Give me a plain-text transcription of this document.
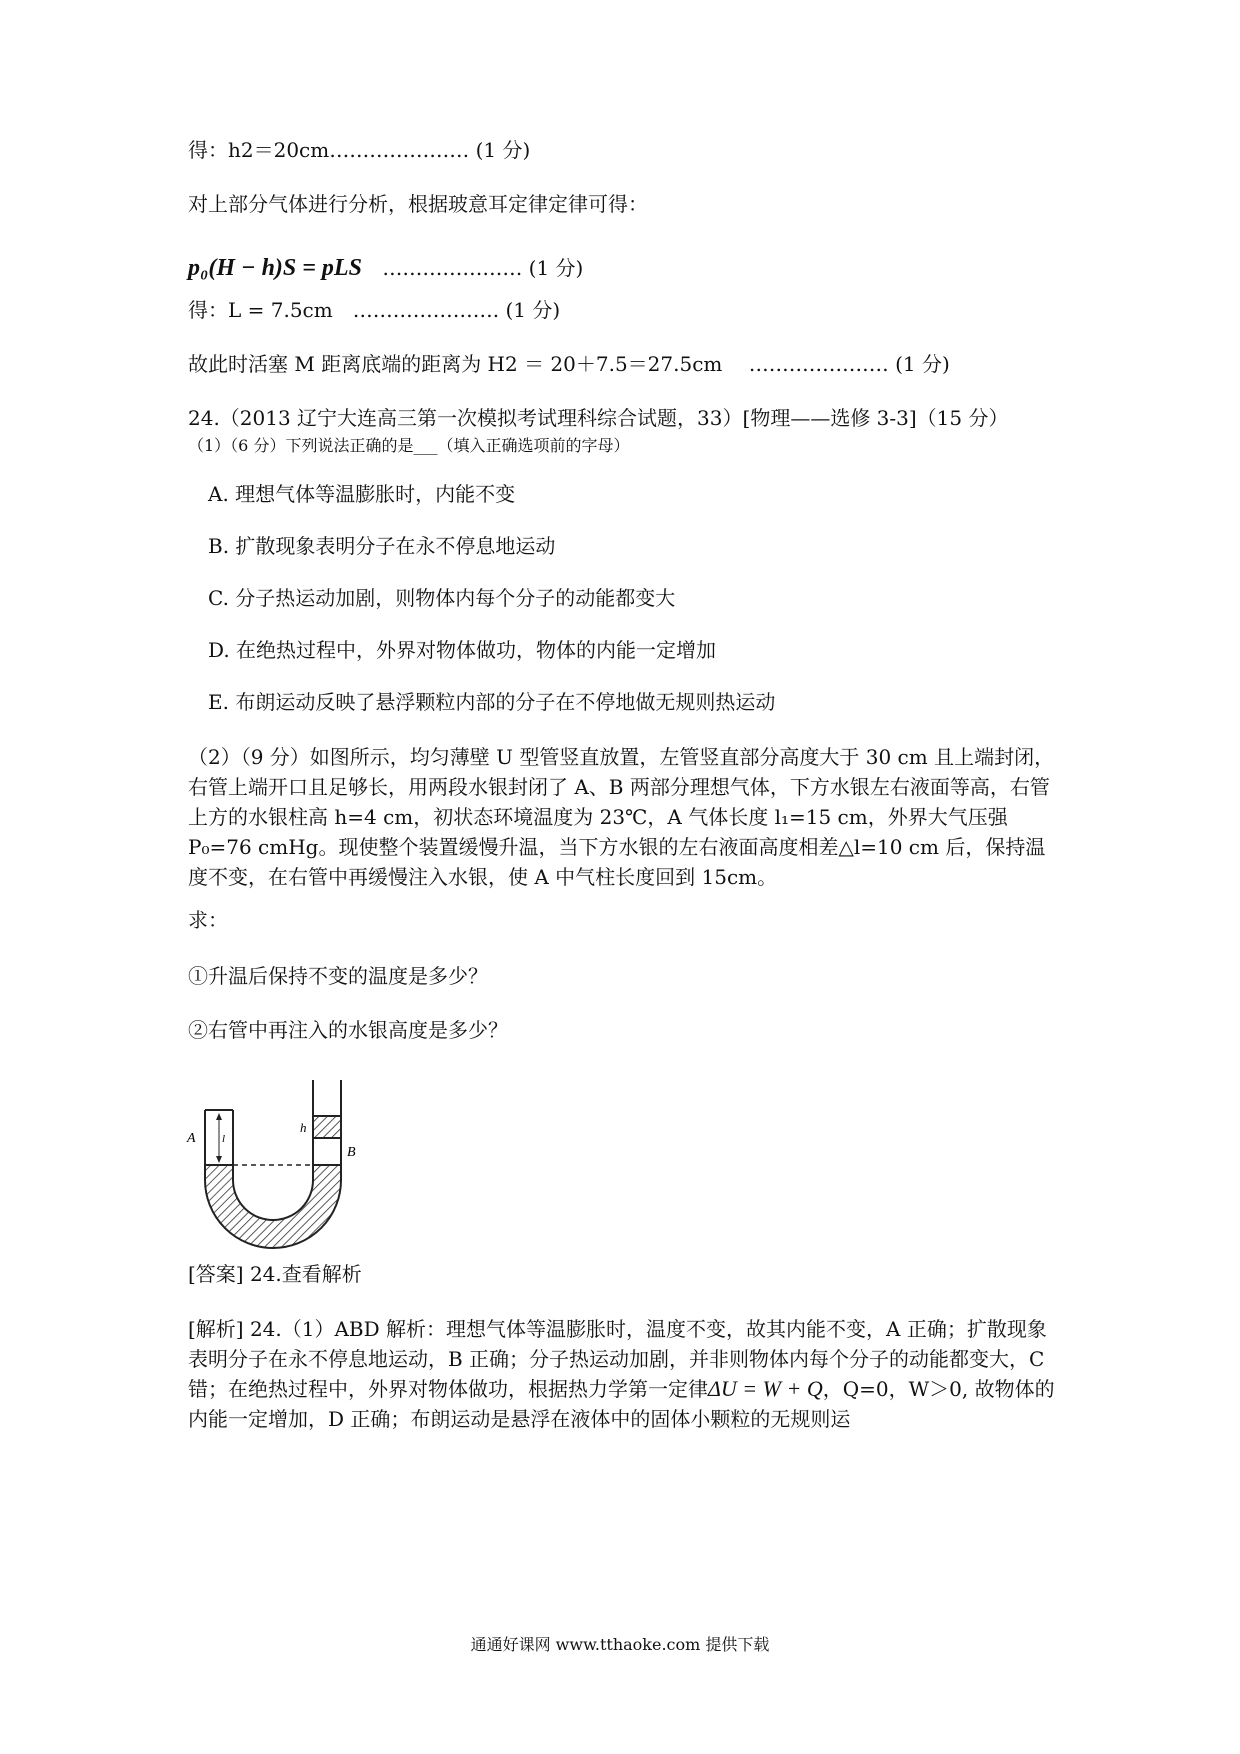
得：h2＝20cm………………… (1 分)
对上部分气体进行分析，根据玻意耳定律定律可得：
p₀(H − h)S = pLS ………………… (1 分)
得：L = 7.5cm　…………………. (1 分)
故此时活塞 M 距离底端的距离为 H2 ＝ 20＋7.5＝27.5cm　 ………………… (1 分)
24.（2013 辽宁大连高三第一次模拟考试理科综合试题，33）[物理——选修 3-3]（15 分）
（1）（6 分）下列说法正确的是___（填入正确选项前的字母）
A. 理想气体等温膨胀时，内能不变
B. 扩散现象表明分子在永不停息地运动
C. 分子热运动加剧，则物体内每个分子的动能都变大
D. 在绝热过程中，外界对物体做功，物体的内能一定增加
E. 布朗运动反映了悬浮颗粒内部的分子在不停地做无规则热运动
（2）（9 分）如图所示，均匀薄壁 U 型管竖直放置，左管竖直部分高度大于 30 cm 且上端封闭，右管上端开口且足够长，用两段水银封闭了 A、B 两部分理想气体，下方水银左右液面等高，右管上方的水银柱高 h=4 cm，初状态环境温度为 23℃，A 气体长度 l₁=15 cm，外界大气压强 P₀=76 cmHg。现使整个装置缓慢升温，当下方水银的左右液面高度相差△l=10 cm 后，保持温度不变，在右管中再缓慢注入水银，使 A 中气柱长度回到 15cm。
求：
①升温后保持不变的温度是多少？
②右管中再注入的水银高度是多少？
A
B
h
l
[答案] 24.查看解析
[解析] 24.（1）ABD 解析：理想气体等温膨胀时，温度不变，故其内能不变，A 正确；扩散现象表明分子在永不停息地运动，B 正确；分子热运动加剧，并非则物体内每个分子的动能都变大，C 错；在绝热过程中，外界对物体做功，根据热力学第一定律ΔU = W + Q，Q=0，W＞0, 故物体的内能一定增加，D 正确；布朗运动是悬浮在液体中的固体小颗粒的无规则运
通通好课网 www.tthaoke.com 提供下载
